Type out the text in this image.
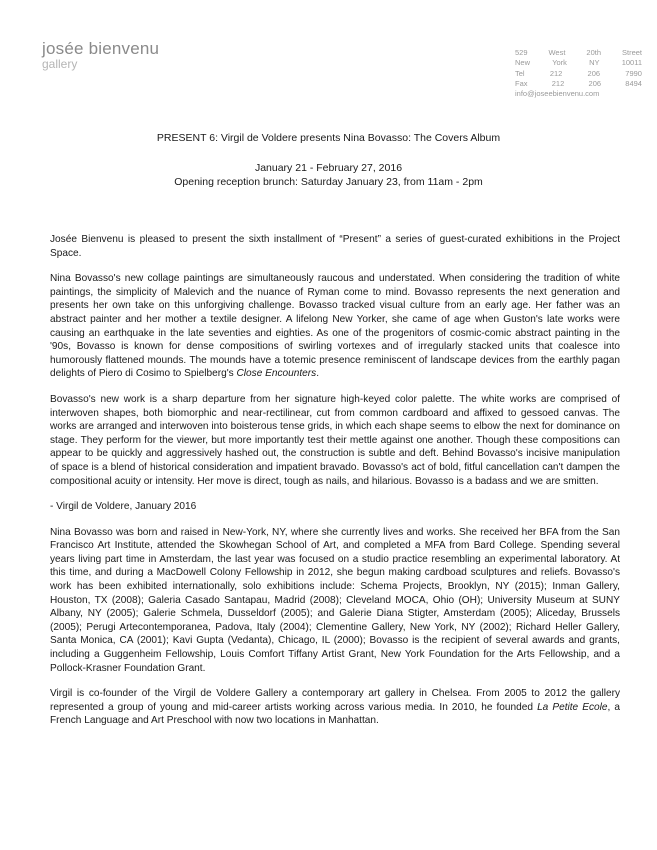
josée bienvenu
gallery
529	West	20th	Street
New	York	NY	10011
Tel	212	206	7990
Fax	212	206	8494
info@joseebienvenu.com
PRESENT 6: Virgil de Voldere presents Nina Bovasso: The Covers Album
January 21 - February 27, 2016
Opening reception brunch: Saturday January 23, from 11am - 2pm

Josée Bienvenu is pleased to present the sixth installment of “Present” a series of guest-curated exhibitions in the Project Space.

Nina Bovasso's new collage paintings are simultaneously raucous and understated. When considering the tradition of white paintings, the simplicity of Malevich and the nuance of Ryman come to mind. Bovasso represents the next generation and presents her own take on this unforgiving challenge. Bovasso tracked visual culture from an early age. Her father was an abstract painter and her mother a textile designer. A lifelong New Yorker, she came of age when Guston's late works were causing an earthquake in the late seventies and eighties. As one of the progenitors of cosmic-comic abstract painting in the '90s, Bovasso is known for dense compositions of swirling vortexes and of irregularly stacked units that coalesce into humorously flattened mounds. The mounds have a totemic presence reminiscent of landscape devices from the earthly pagan delights of Piero di Cosimo to Spielberg's Close Encounters.

Bovasso's new work is a sharp departure from her signature high-keyed color palette. The white works are comprised of interwoven shapes, both biomorphic and near-rectilinear, cut from common cardboard and affixed to gessoed canvas. The works are arranged and interwoven into boisterous tense grids, in which each shape seems to elbow the next for dominance on stage. They perform for the viewer, but more importantly test their mettle against one another. Though these compositions can appear to be quickly and aggressively hashed out, the construction is subtle and deft. Behind Bovasso's incisive manipulation of space is a blend of historical consideration and impatient bravado. Bovasso's act of bold, fitful cancellation can't dampen the compositional acuity or intensity. Her move is direct, tough as nails, and hilarious. Bovasso is a badass and we are smitten.

- Virgil de Voldere, January 2016

Nina Bovasso was born and raised in New-York, NY, where she currently lives and works. She received her BFA from the San Francisco Art Institute, attended the Skowhegan School of Art, and completed a MFA from Bard College. Spending several years living part time in Amsterdam, the last year was focused on a studio practice resembling an experimental laboratory. At this time, and during a MacDowell Colony Fellowship in 2012, she begun making cardboad sculptures and reliefs. Bovasso's work has been exhibited internationally, solo exhibitions include: Schema Projects, Brooklyn, NY (2015); Inman Gallery, Houston, TX (2008); Galeria Casado Santapau, Madrid (2008); Cleveland MOCA, Ohio (OH); University Museum at SUNY Albany, NY (2005); Galerie Schmela, Dusseldorf (2005); and Galerie Diana Stigter, Amsterdam (2005); Aliceday, Brussels (2005); Perugi Artecontemporanea, Padova, Italy (2004); Clementine Gallery, New York, NY (2002); Richard Heller Gallery, Santa Monica, CA (2001); Kavi Gupta (Vedanta), Chicago, IL (2000); Bovasso is the recipient of several awards and grants, including a Guggenheim Fellowship, Louis Comfort Tiffany Artist Grant, New York Foundation for the Arts Fellowship, and a Pollock-Krasner Foundation Grant.

Virgil is co-founder of the Virgil de Voldere Gallery a contemporary art gallery in Chelsea. From 2005 to 2012 the gallery represented a group of young and mid-career artists working across various media. In 2010, he founded La Petite Ecole, a French Language and Art Preschool with now two locations in Manhattan.
